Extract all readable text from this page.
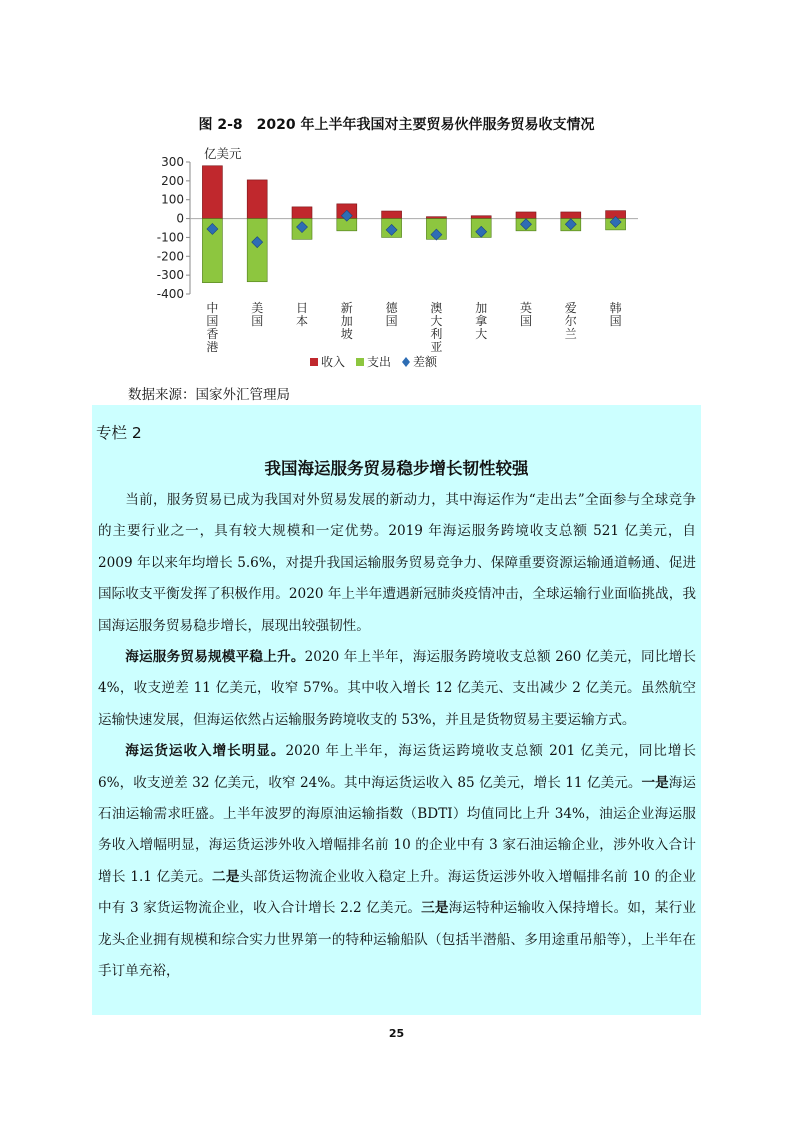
图 2-8　2020 年上半年我国对主要贸易伙伴服务贸易收支情况
300
200
100
0
-100
-200
-300
-400
亿美元
中国香港
美国
日本
新加坡
德国
澳大利亚
加拿大
英国
爱尔兰
韩国
收入 支出 差额
数据来源：国家外汇管理局
专栏 2
我国海运服务贸易稳步增长韧性较强

当前，服务贸易已成为我国对外贸易发展的新动力，其中海运作为“走出去”全面参与全球竞争的主要行业之一，具有较大规模和一定优势。2019 年海运服务跨境收支总额 521 亿美元，自 2009 年以来年均增长 5.6%，对提升我国运输服务贸易竞争力、保障重要资源运输通道畅通、促进国际收支平衡发挥了积极作用。2020 年上半年遭遇新冠肺炎疫情冲击，全球运输行业面临挑战，我国海运服务贸易稳步增长，展现出较强韧性。

海运服务贸易规模平稳上升。2020 年上半年，海运服务跨境收支总额 260 亿美元，同比增长 4%，收支逆差 11 亿美元，收窄 57%。其中收入增长 12 亿美元、支出减少 2 亿美元。虽然航空运输快速发展，但海运依然占运输服务跨境收支的 53%，并且是货物贸易主要运输方式。

海运货运收入增长明显。2020 年上半年，海运货运跨境收支总额 201 亿美元，同比增长 6%，收支逆差 32 亿美元，收窄 24%。其中海运货运收入 85 亿美元，增长 11 亿美元。一是海运石油运输需求旺盛。上半年波罗的海原油运输指数（BDTI）均值同比上升 34%，油运企业海运服务收入增幅明显，海运货运涉外收入增幅排名前 10 的企业中有 3 家石油运输企业，涉外收入合计增长 1.1 亿美元。二是头部货运物流企业收入稳定上升。海运货运涉外收入增幅排名前 10 的企业中有 3 家货运物流企业，收入合计增长 2.2 亿美元。三是海运特种运输收入保持增长。如，某行业龙头企业拥有规模和综合实力世界第一的特种运输船队（包括半潜船、多用途重吊船等），上半年在手订单充裕，

25
